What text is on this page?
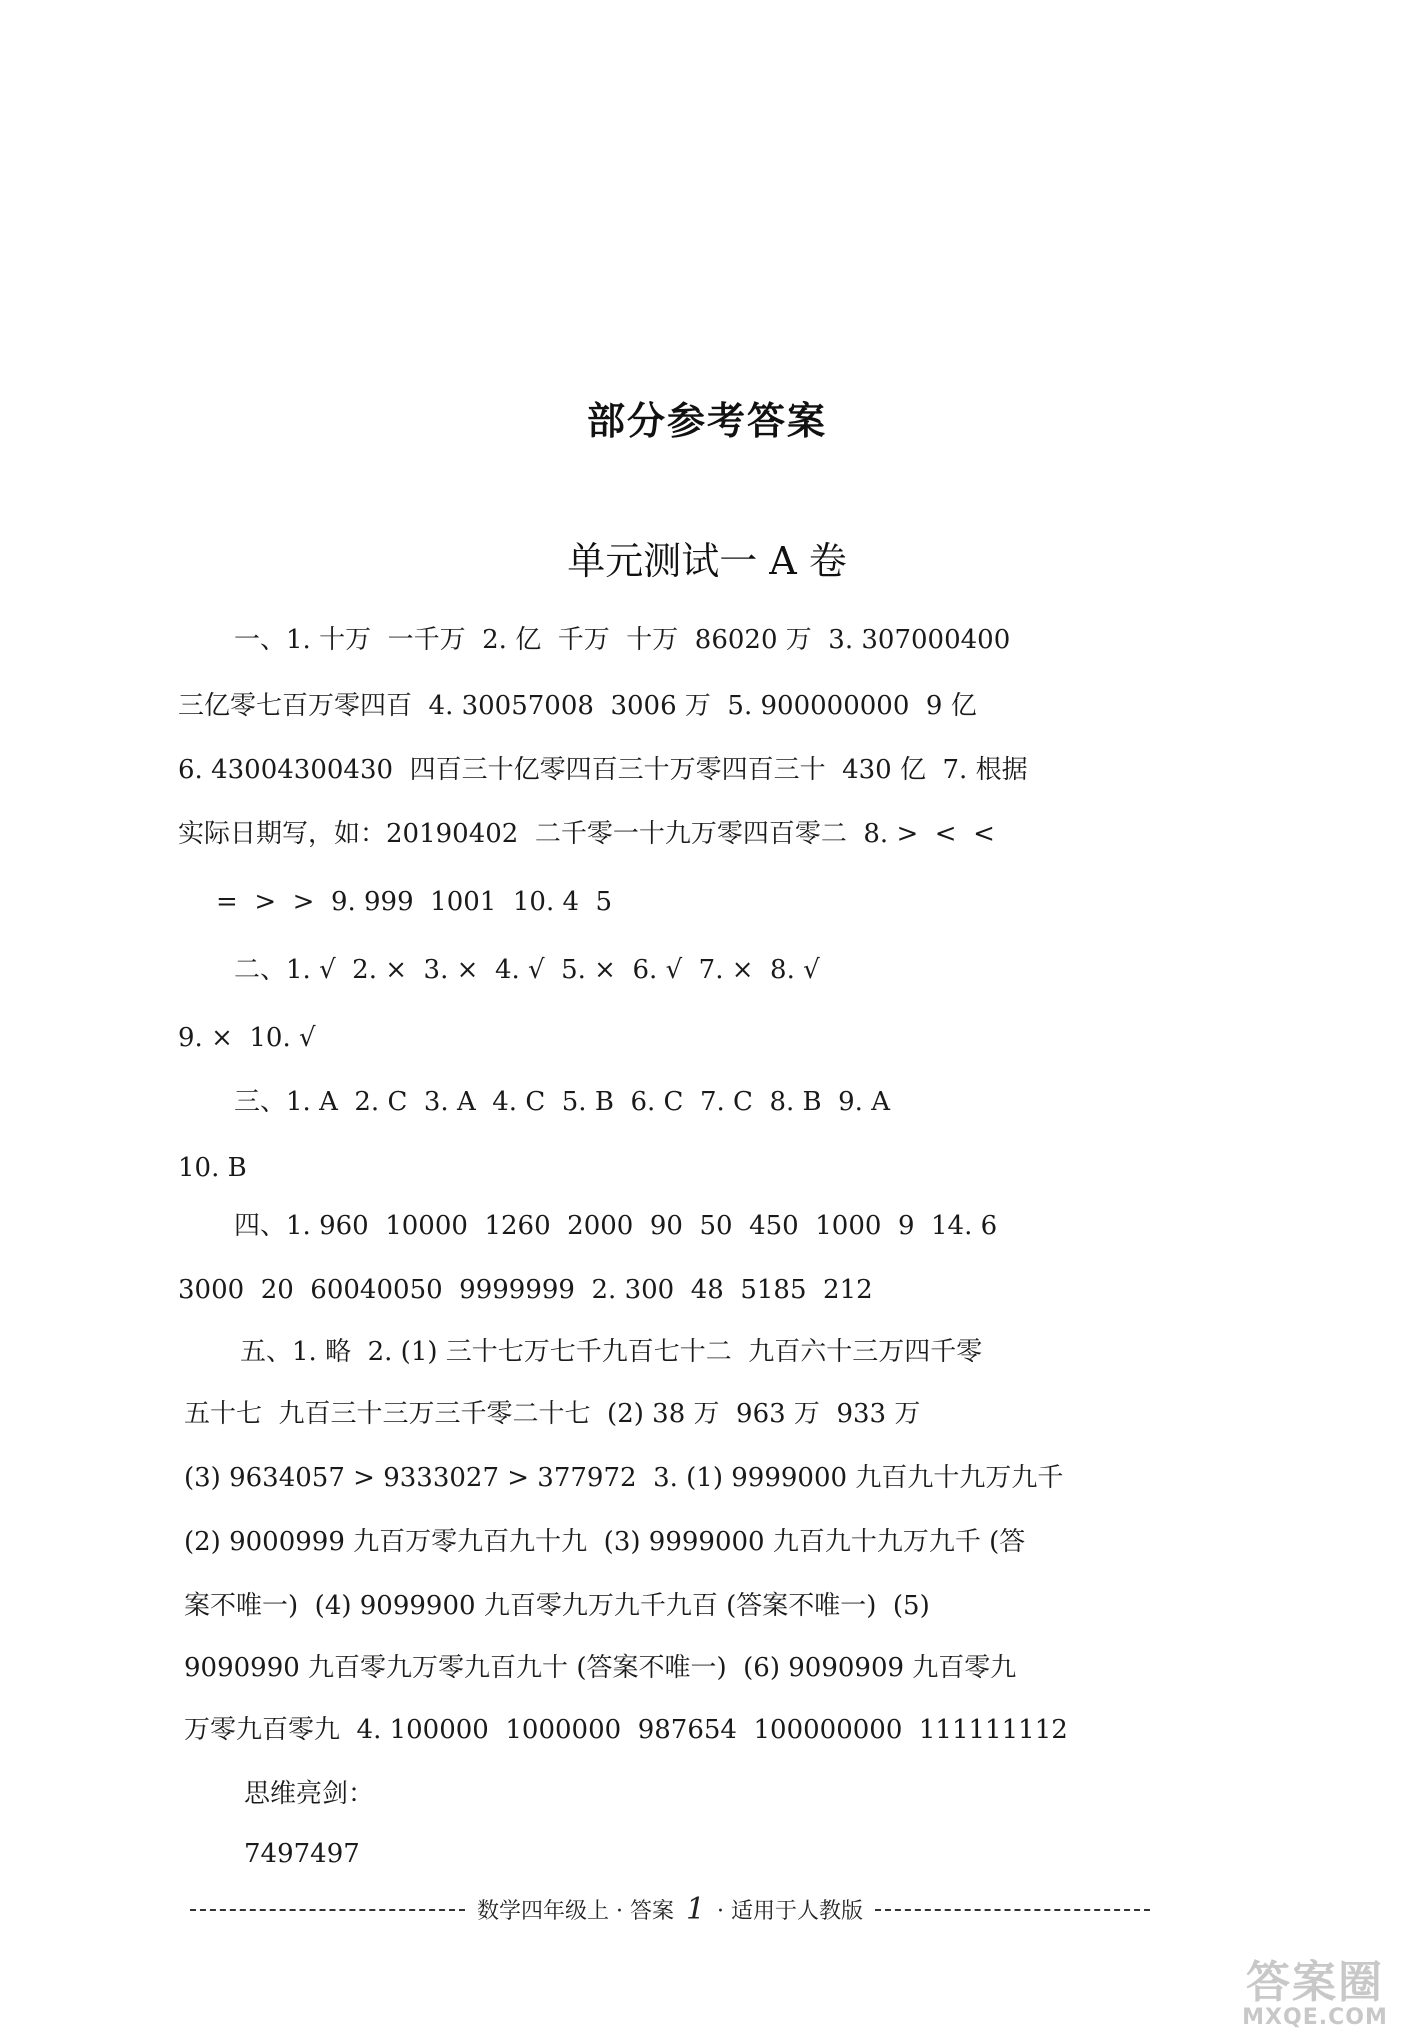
部分参考答案
单元测试一 A 卷
一、1. 十万  一千万  2. 亿  千万  十万  86020 万  3. 307000400
三亿零七百万零四百  4. 30057008  3006 万  5. 900000000  9 亿
6. 43004300430  四百三十亿零四百三十万零四百三十  430 亿  7. 根据
实际日期写，如：20190402  二千零一十九万零四百零二  8. >  <  <
=  >  >  9. 999  1001  10. 4  5
二、1. √  2. ×  3. ×  4. √  5. ×  6. √  7. ×  8. √
9. ×  10. √
三、1. A  2. C  3. A  4. C  5. B  6. C  7. C  8. B  9. A
10. B
四、1. 960  10000  1260  2000  90  50  450  1000  9  14. 6
3000  20  60040050  9999999  2. 300  48  5185  212
五、1. 略  2. (1) 三十七万七千九百七十二  九百六十三万四千零
五十七  九百三十三万三千零二十七  (2) 38 万  963 万  933 万
(3) 9634057 > 9333027 > 377972  3. (1) 9999000 九百九十九万九千
(2) 9000999 九百万零九百九十九  (3) 9999000 九百九十九万九千 (答
案不唯一)  (4) 9099900 九百零九万九千九百 (答案不唯一)  (5)
9090990 九百零九万零九百九十 (答案不唯一)  (6) 9090909 九百零九
万零九百零九  4. 100000  1000000  987654  100000000  111111112
思维亮剑：
7497497
数学四年级上 · 答案 1 · 适用于人教版
答案圈
MXQE.COM
